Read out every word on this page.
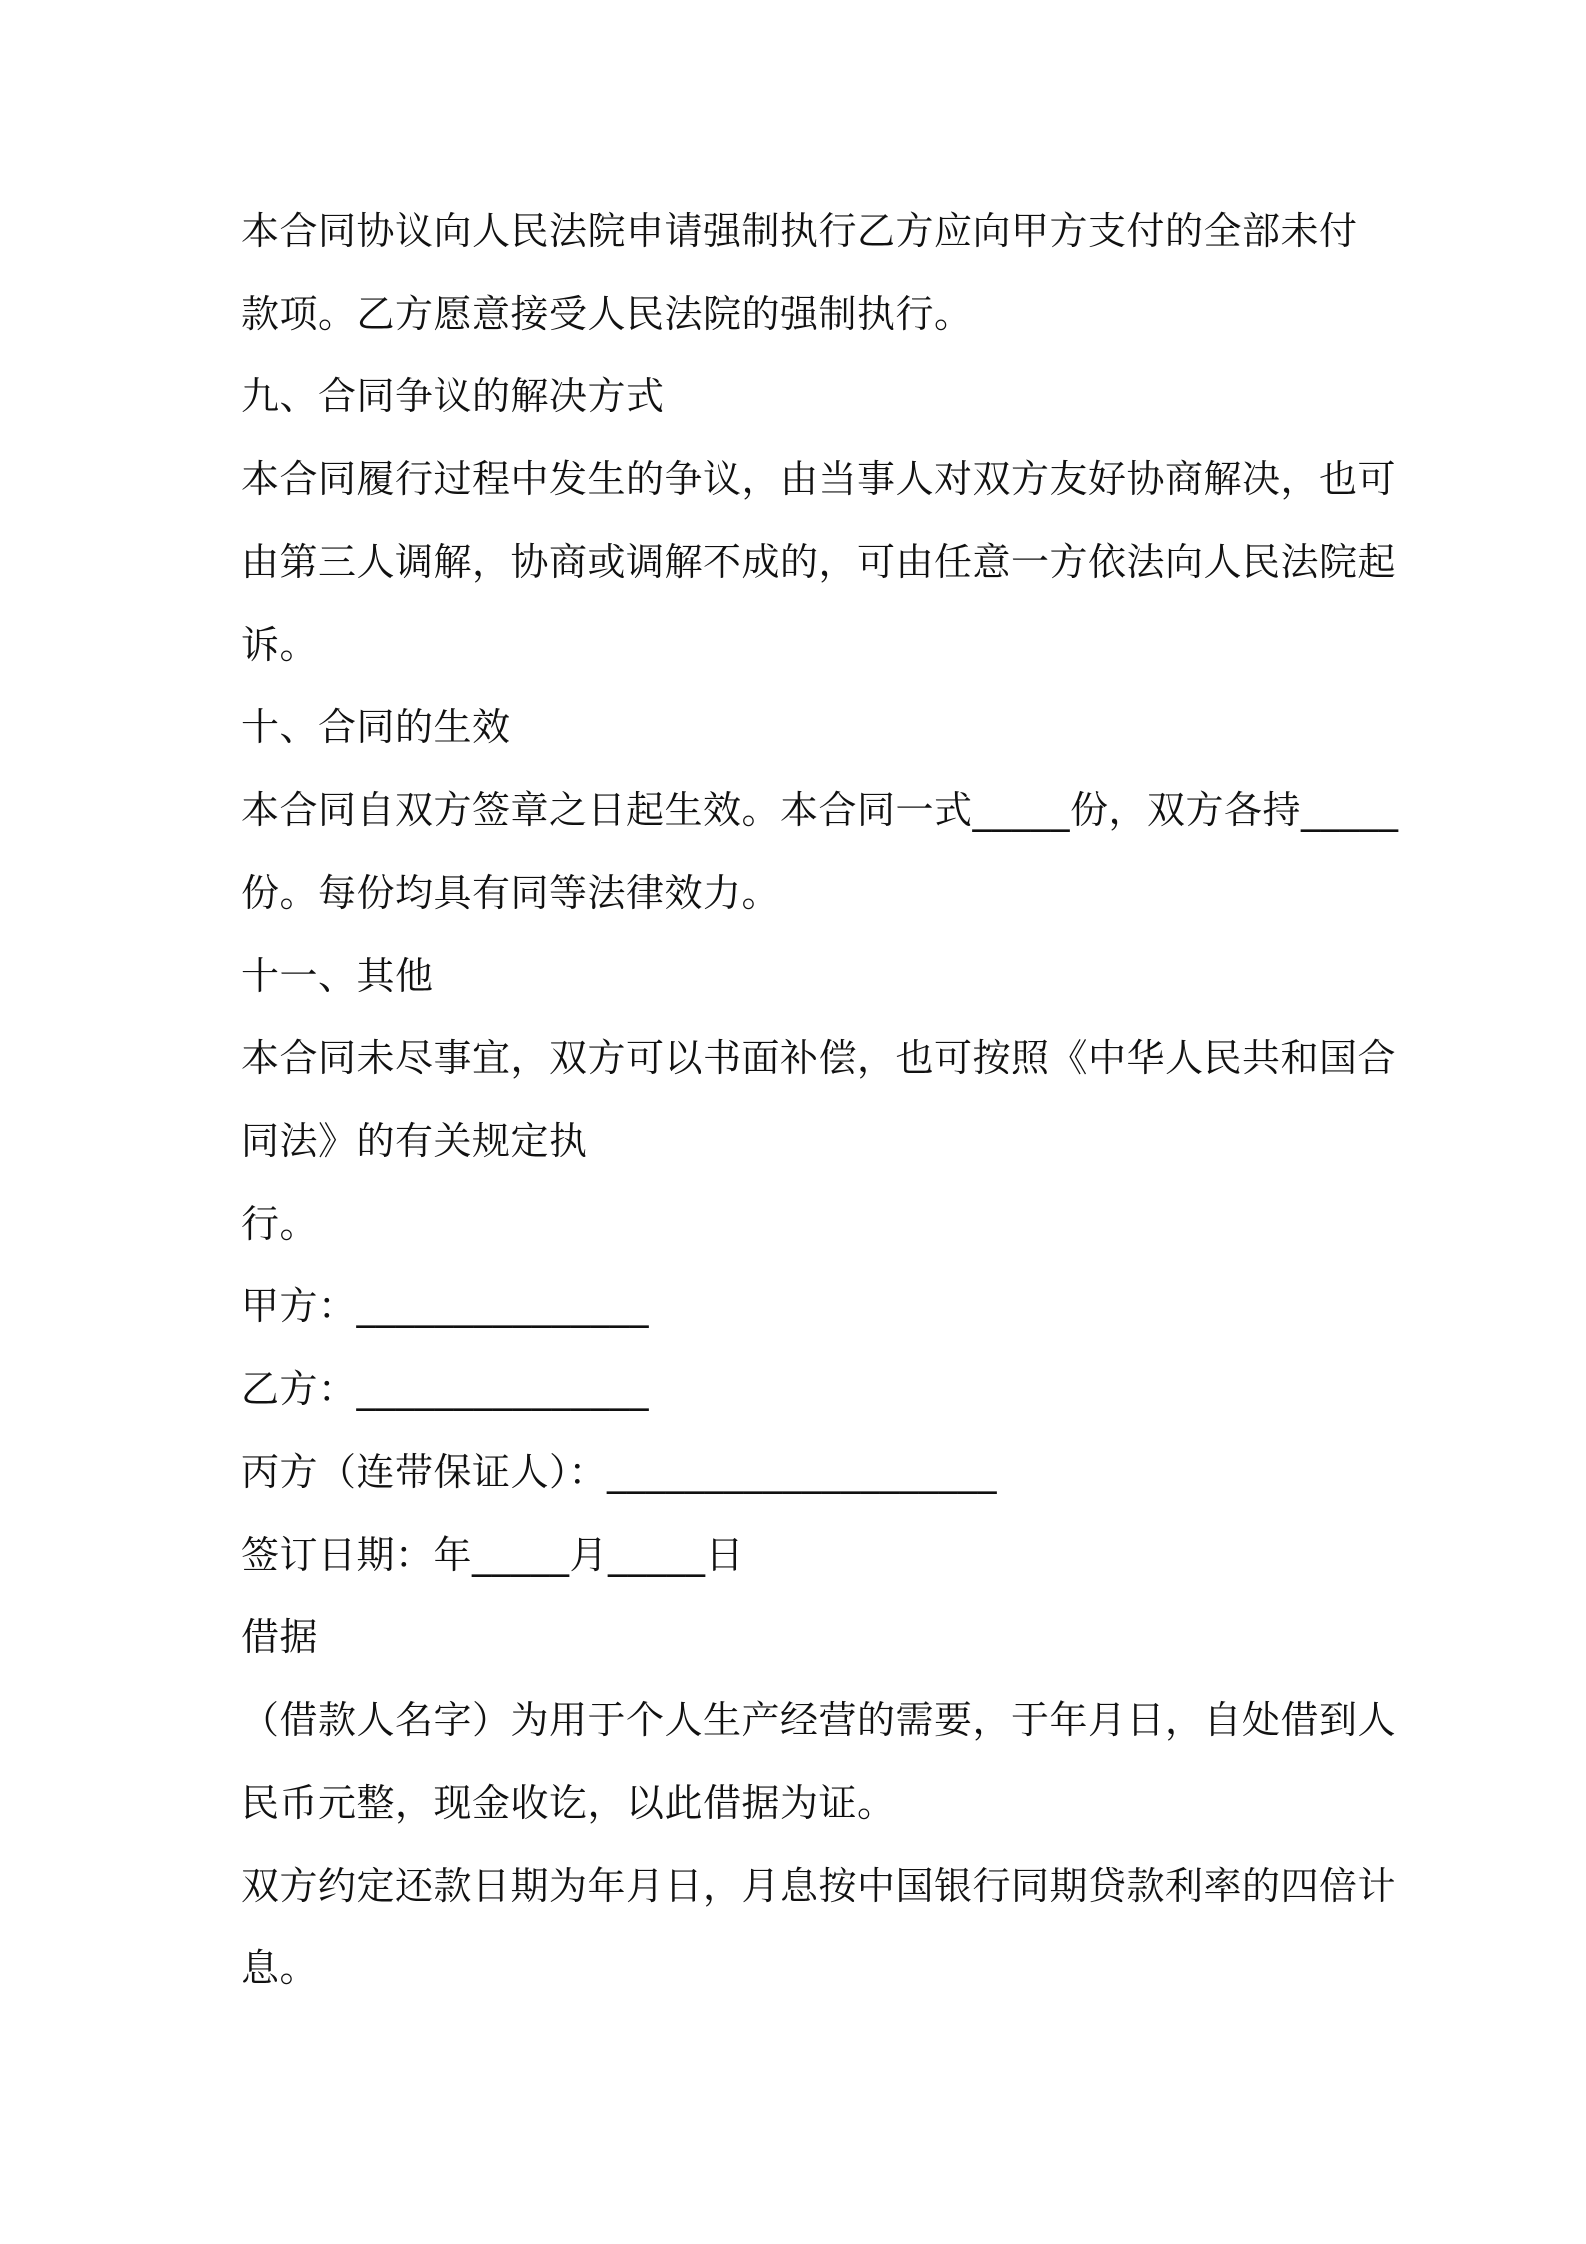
本合同协议向人民法院申请强制执行乙方应向甲方支付的全部未付

款项。乙方愿意接受人民法院的强制执行。

九、合同争议的解决方式

本合同履行过程中发生的争议，由当事人对双方友好协商解决，也可

由第三人调解，协商或调解不成的，可由任意一方依法向人民法院起

诉。

十、合同的生效

本合同自双方签章之日起生效。本合同一式_____份，双方各持_____

份。每份均具有同等法律效力。

十一、其他

本合同未尽事宜，双方可以书面补偿，也可按照《中华人民共和国合

同法》的有关规定执

行。

甲方：_______________

乙方：_______________

丙方（连带保证人）：____________________

签订日期：年_____月_____日

借据

（借款人名字）为用于个人生产经营的需要，于年月日，自处借到人

民币元整，现金收讫，以此借据为证。

双方约定还款日期为年月日，月息按中国银行同期贷款利率的四倍计

息。
